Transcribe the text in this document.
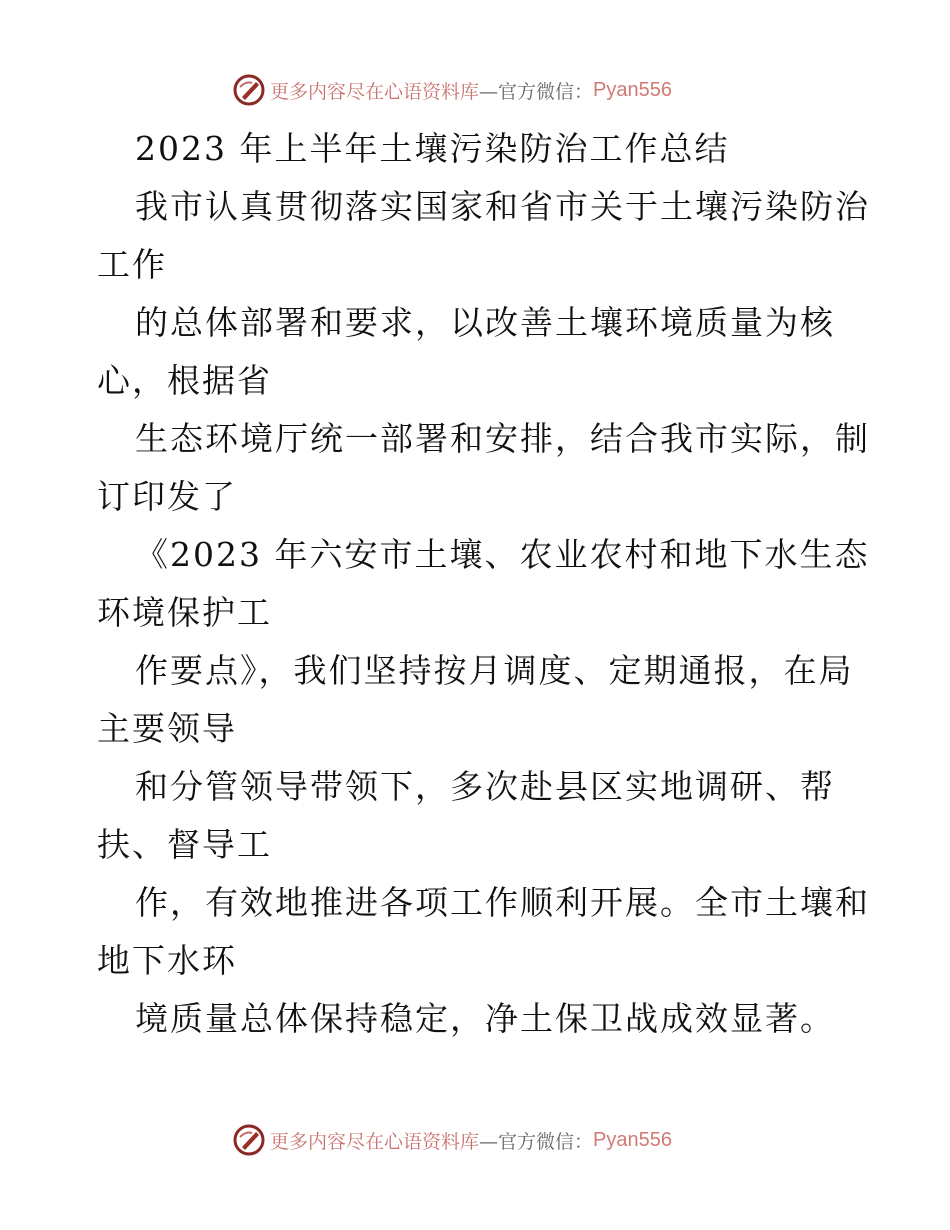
更多内容尽在心语资料库 —官方微信： Pyan556
2023 年上半年土壤污染防治工作总结
我市认真贯彻落实国家和省市关于土壤污染防治
工作
的总体部署和要求，以改善土壤环境质量为核
心，根据省
生态环境厅统一部署和安排，结合我市实际，制
订印发了
《2023 年六安市土壤、农业农村和地下水生态
环境保护工
作要点》，我们坚持按月调度、定期通报，在局
主要领导
和分管领导带领下，多次赴县区实地调研、帮
扶、督导工
作，有效地推进各项工作顺利开展。全市土壤和
地下水环
境质量总体保持稳定，净土保卫战成效显著。
更多内容尽在心语资料库 —官方微信： Pyan556
